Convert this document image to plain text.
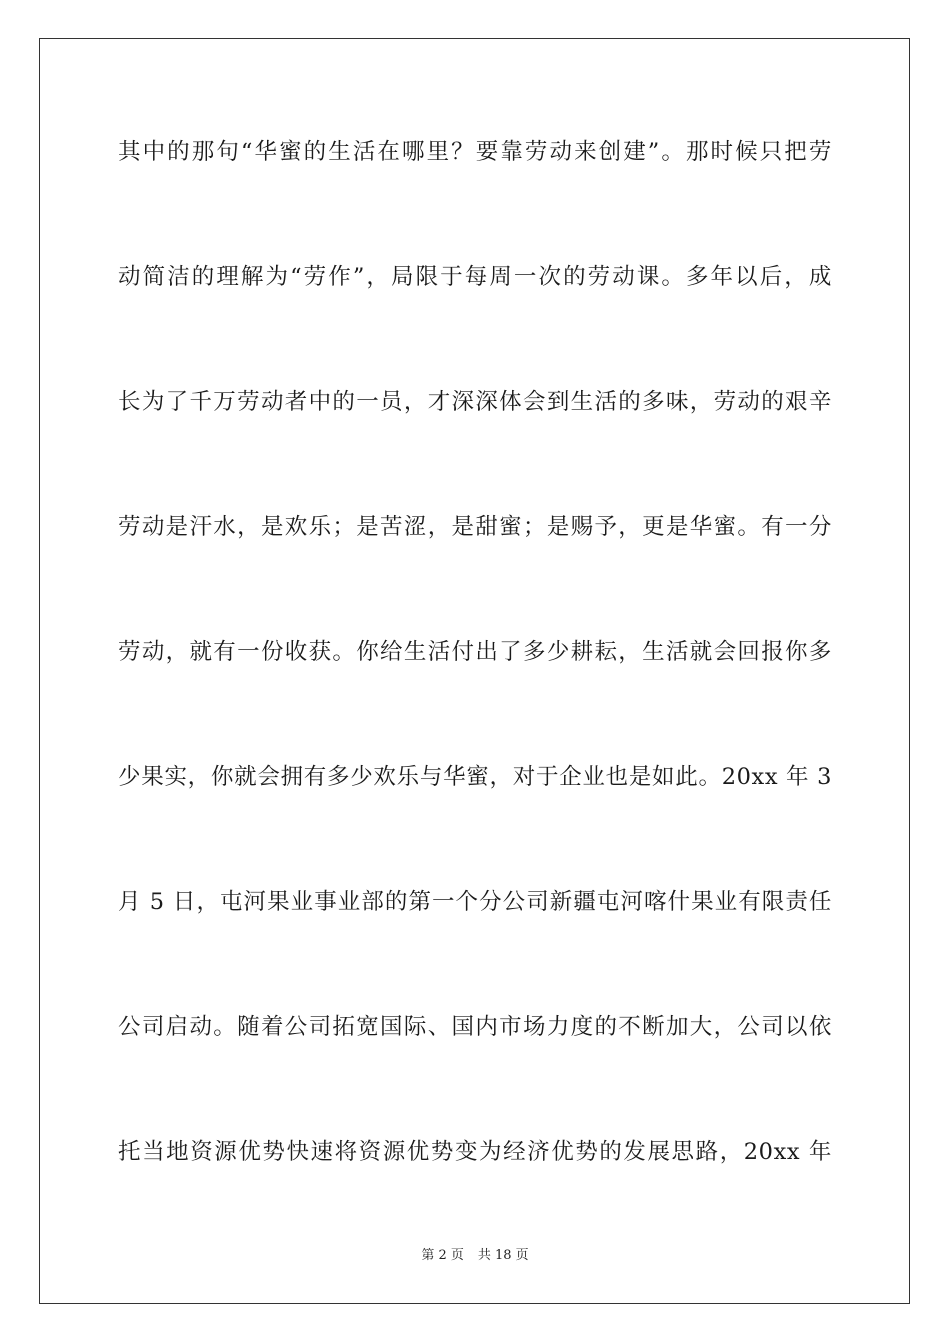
其中的那句“华蜜的生活在哪里？要靠劳动来创建”。那时候只把劳
动简洁的理解为“劳作”，局限于每周一次的劳动课。多年以后，成
长为了千万劳动者中的一员，才深深体会到生活的多味，劳动的艰辛
劳动是汗水，是欢乐；是苦涩，是甜蜜；是赐予，更是华蜜。有一分
劳动，就有一份收获。你给生活付出了多少耕耘，生活就会回报你多
少果实，你就会拥有多少欢乐与华蜜，对于企业也是如此。20xx 年 3
月 5 日，屯河果业事业部的第一个分公司新疆屯河喀什果业有限责任
公司启动。随着公司拓宽国际、国内市场力度的不断加大，公司以依
托当地资源优势快速将资源优势变为经济优势的发展思路，20xx 年
第 2 页 共 18 页
